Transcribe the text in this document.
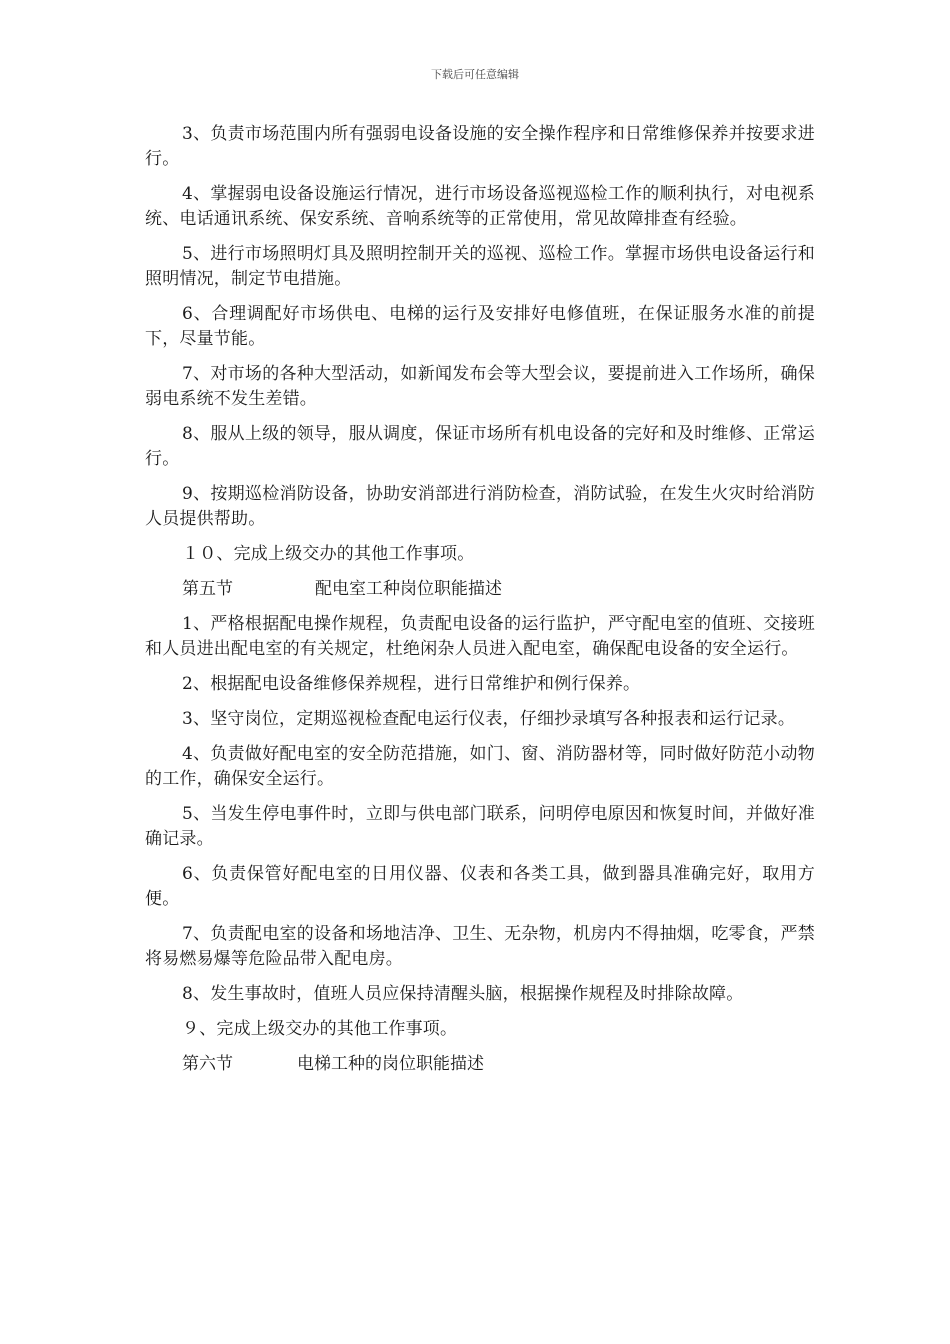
下载后可任意编辑

3、负责市场范围内所有强弱电设备设施的安全操作程序和日常维修保养并按要求进行。

4、掌握弱电设备设施运行情况，进行市场设备巡视巡检工作的顺利执行，对电视系统、电话通讯系统、保安系统、音响系统等的正常使用，常见故障排查有经验。

5、进行市场照明灯具及照明控制开关的巡视、巡检工作。掌握市场供电设备运行和照明情况，制定节电措施。

6、合理调配好市场供电、电梯的运行及安排好电修值班，在保证服务水准的前提下，尽量节能。

7、对市场的各种大型活动，如新闻发布会等大型会议，要提前进入工作场所，确保弱电系统不发生差错。

8、服从上级的领导，服从调度，保证市场所有机电设备的完好和及时维修、正常运行。

9、按期巡检消防设备，协助安消部进行消防检查，消防试验，在发生火灾时给消防人员提供帮助。

１０、完成上级交办的其他工作事项。

第五节	配电室工种岗位职能描述

1、严格根据配电操作规程，负责配电设备的运行监护，严守配电室的值班、交接班和人员进出配电室的有关规定，杜绝闲杂人员进入配电室，确保配电设备的安全运行。

2、根据配电设备维修保养规程，进行日常维护和例行保养。

3、坚守岗位，定期巡视检查配电运行仪表，仔细抄录填写各种报表和运行记录。

4、负责做好配电室的安全防范措施，如门、窗、消防器材等，同时做好防范小动物的工作，确保安全运行。

5、当发生停电事件时，立即与供电部门联系，问明停电原因和恢复时间，并做好准确记录。

6、负责保管好配电室的日用仪器、仪表和各类工具，做到器具准确完好，取用方便。

7、负责配电室的设备和场地洁净、卫生、无杂物，机房内不得抽烟，吃零食，严禁将易燃易爆等危险品带入配电房。

8、发生事故时，值班人员应保持清醒头脑，根据操作规程及时排除故障。

９、完成上级交办的其他工作事项。

第六节	电梯工种的岗位职能描述
